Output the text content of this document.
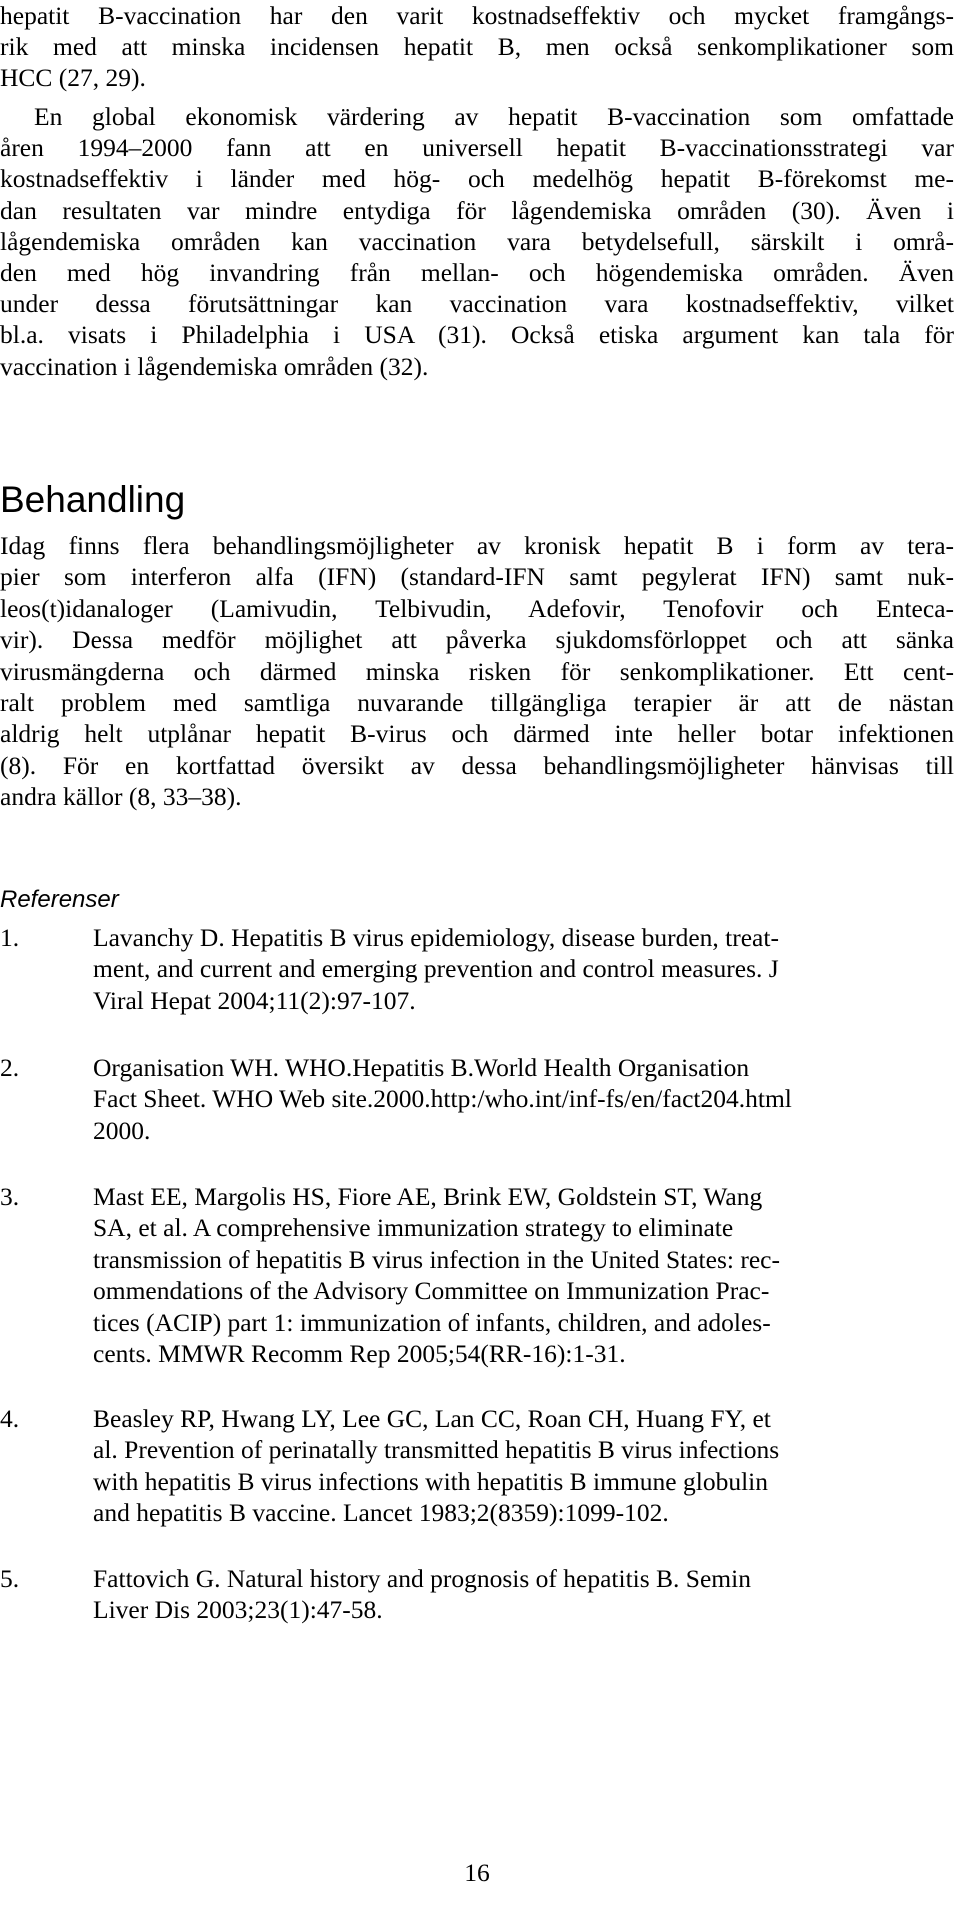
hepatit B-vaccination har den varit kostnadseffektiv och mycket framgångs-
rik med att minska incidensen hepatit B, men också senkomplikationer som
HCC (27, 29).
En global ekonomisk värdering av hepatit B-vaccination som omfattade
åren 1994–2000 fann att en universell hepatit B-vaccinationsstrategi var
kostnadseffektiv i länder med hög- och medelhög hepatit B-förekomst me-
dan resultaten var mindre entydiga för lågendemiska områden (30). Även i
lågendemiska områden kan vaccination vara betydelsefull, särskilt i områ-
den med hög invandring från mellan- och högendemiska områden. Även
under dessa förutsättningar kan vaccination vara kostnadseffektiv, vilket
bl.a. visats i Philadelphia i USA (31). Också etiska argument kan tala för
vaccination i lågendemiska områden (32).
Behandling
Idag finns flera behandlingsmöjligheter av kronisk hepatit B i form av tera-
pier som interferon alfa (IFN) (standard-IFN samt pegylerat IFN) samt nuk-
leos(t)idanaloger (Lamivudin, Telbivudin, Adefovir, Tenofovir och Enteca-
vir). Dessa medför möjlighet att påverka sjukdomsförloppet och att sänka
virusmängderna och därmed minska risken för senkomplikationer. Ett cent-
ralt problem med samtliga nuvarande tillgängliga terapier är att de nästan
aldrig helt utplånar hepatit B-virus och därmed inte heller botar infektionen
(8). För en kortfattad översikt av dessa behandlingsmöjligheter hänvisas till
andra källor (8, 33–38).
Referenser
1.	Lavanchy D. Hepatitis B virus epidemiology, disease burden, treat-
ment, and current and emerging prevention and control measures. J
Viral Hepat 2004;11(2):97-107.
2.	Organisation WH. WHO.Hepatitis B.World Health Organisation
Fact Sheet. WHO Web site.2000.http:/who.int/inf-fs/en/fact204.html
2000.
3.	Mast EE, Margolis HS, Fiore AE, Brink EW, Goldstein ST, Wang
SA, et al. A comprehensive immunization strategy to eliminate
transmission of hepatitis B virus infection in the United States: rec-
ommendations of the Advisory Committee on Immunization Prac-
tices (ACIP) part 1: immunization of infants, children, and adoles-
cents. MMWR Recomm Rep 2005;54(RR-16):1-31.
4.	Beasley RP, Hwang LY, Lee GC, Lan CC, Roan CH, Huang FY, et
al. Prevention of perinatally transmitted hepatitis B virus infections
with hepatitis B virus infections with hepatitis B immune globulin
and hepatitis B vaccine. Lancet 1983;2(8359):1099-102.
5.	Fattovich G. Natural history and prognosis of hepatitis B. Semin
Liver Dis 2003;23(1):47-58.
16
